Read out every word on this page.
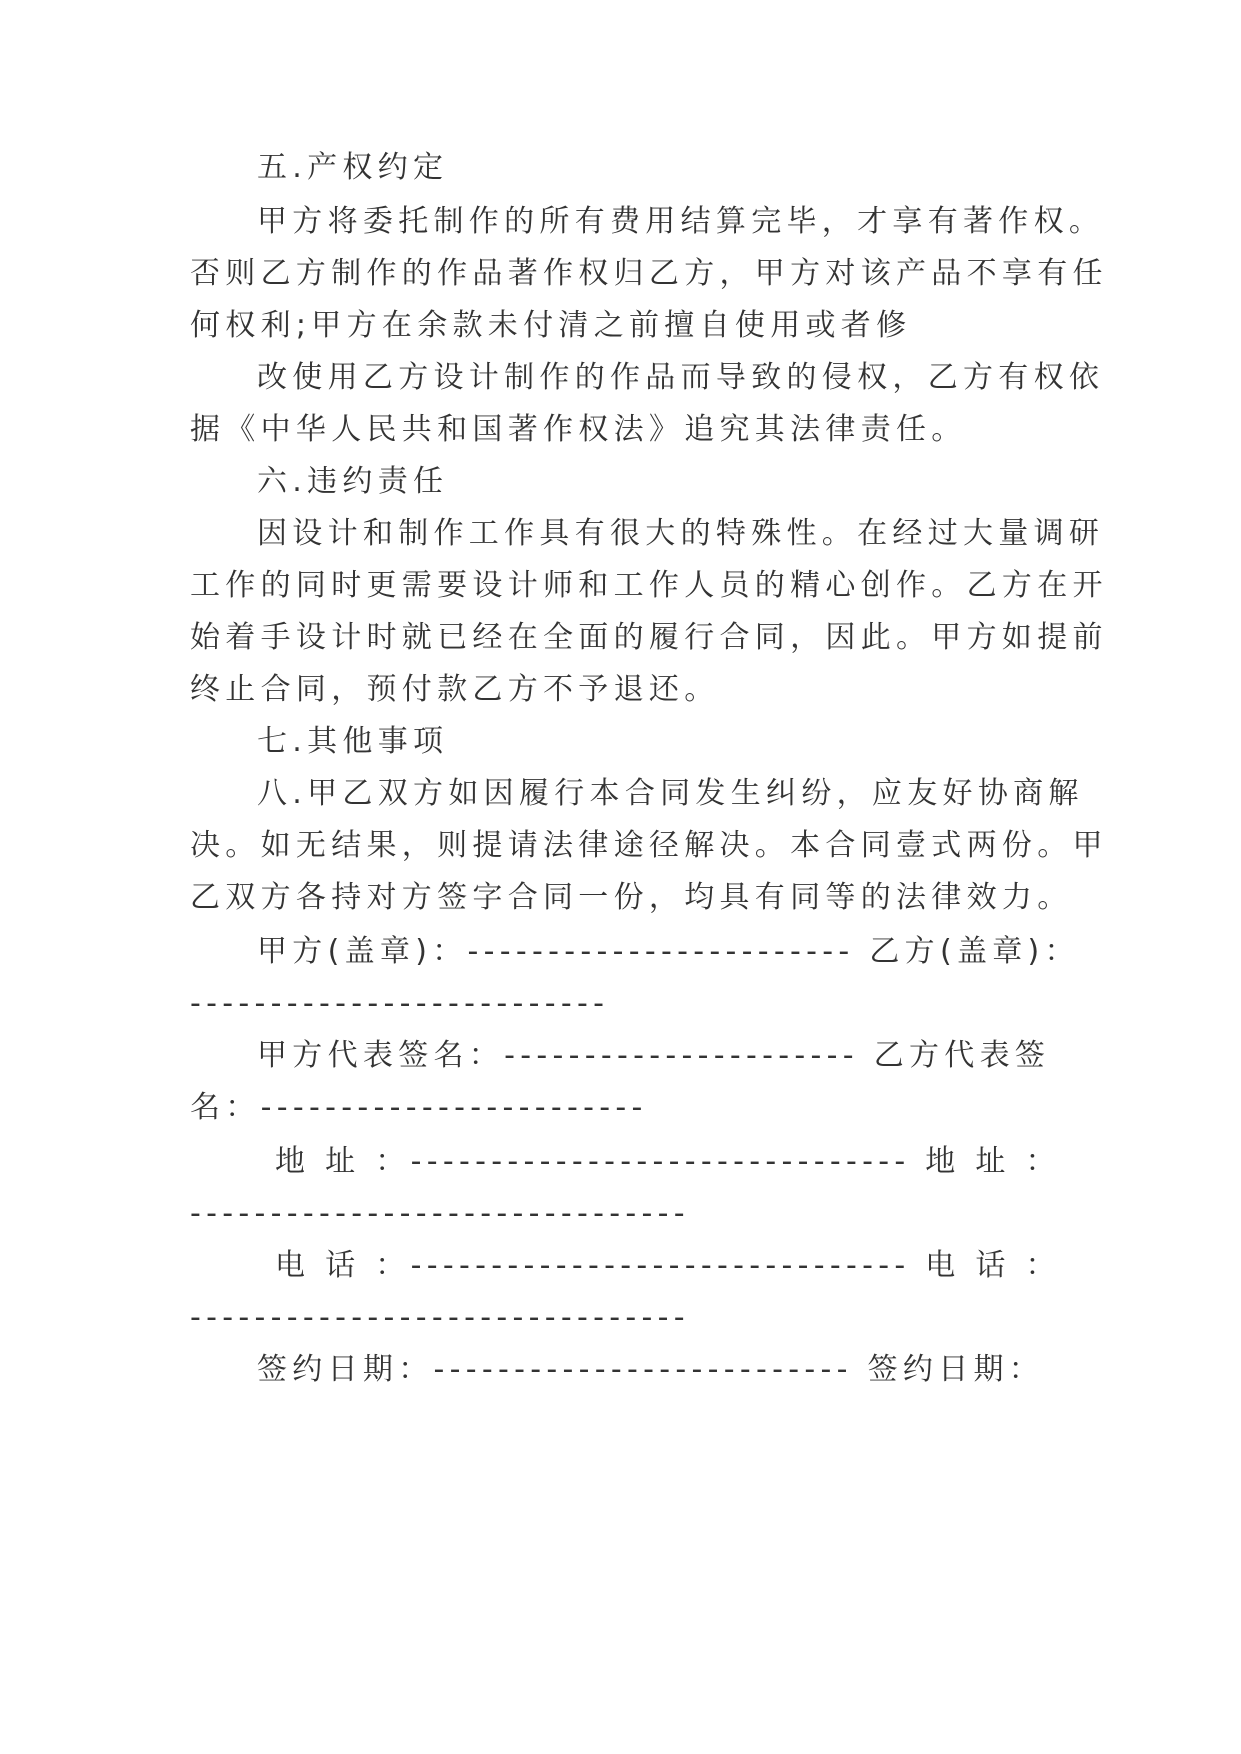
五.产权约定
甲方将委托制作的所有费用结算完毕，才享有著作权。
否则乙方制作的作品著作权归乙方，甲方对该产品不享有任
何权利;甲方在余款未付清之前擅自使用或者修
改使用乙方设计制作的作品而导致的侵权，乙方有权依
据《中华人民共和国著作权法》追究其法律责任。
六.违约责任
因设计和制作工作具有很大的特殊性。在经过大量调研
工作的同时更需要设计师和工作人员的精心创作。乙方在开
始着手设计时就已经在全面的履行合同，因此。甲方如提前
终止合同，预付款乙方不予退还。
七.其他事项
八.甲乙双方如因履行本合同发生纠纷，应友好协商解
决。如无结果，则提请法律途径解决。本合同壹式两份。甲
乙双方各持对方签字合同一份，均具有同等的法律效力。
甲方(盖章)：------------------------ 乙方(盖章)：
--------------------------
甲方代表签名：---------------------- 乙方代表签
名：------------------------
地 址 ：------------------------------- 地 址 ：
-------------------------------
电 话 ：------------------------------- 电 话 ：
-------------------------------
签约日期：-------------------------- 签约日期：
